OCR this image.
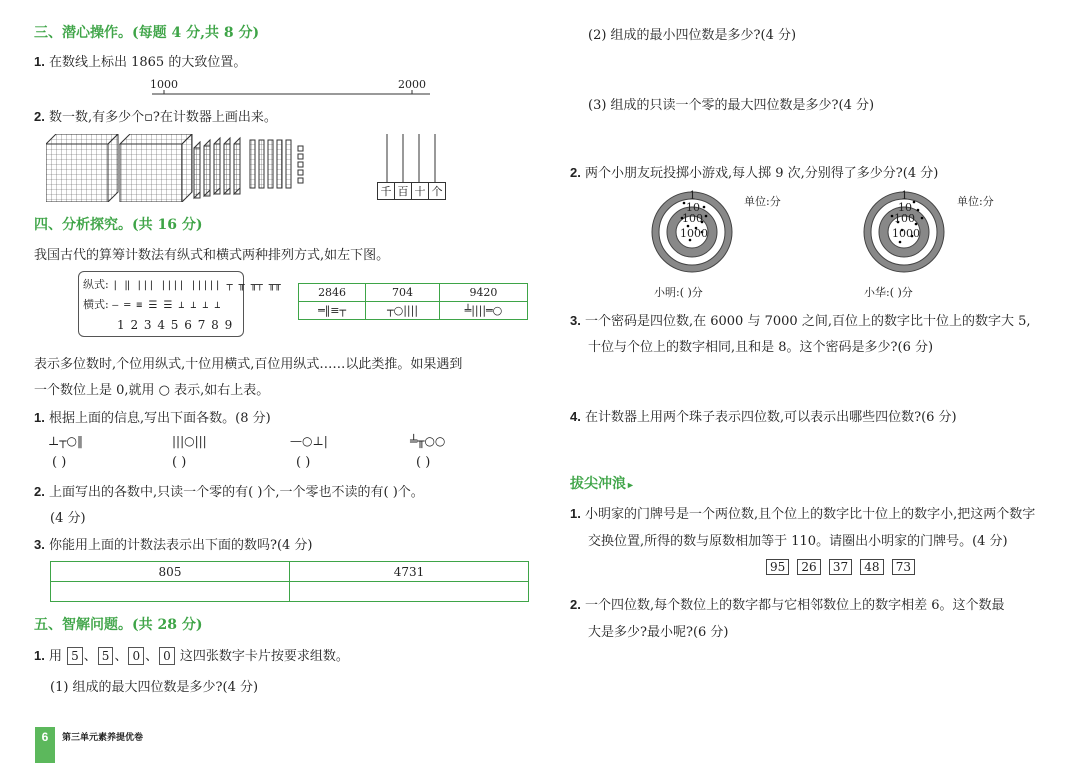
三、潜心操作。(每题 4 分,共 8 分)
1. 在数线上标出 1865 的大致位置。
1000	2000
2. 数一数,有多少个▫?在计数器上画出来。
千 百 十 个
四、分析探究。(共 16 分)
我国古代的算筹计数法有纵式和横式两种排列方式,如左下图。
纵式: | ‖ ||| |||| ||||| ┬ ╥ ╥┬ ╥╥
横式: — ═ ≡ ☰ ☰ ⊥ ⊥ ⊥ ⊥
1 2 3 4 5 6 7 8 9
2846	704	9420
═‖≡┬	┬○||||	╧||||═○
表示多位数时,个位用纵式,十位用横式,百位用纵式……以此类推。如果遇到
一个数位上是 0,就用 ○ 表示,如右上表。
1. 根据上面的信息,写出下面各数。(8 分)
⊥┬○‖	|||○|||	—○⊥|	╧╥○○
( )	( )	( )	( )
2. 上面写出的各数中,只读一个零的有( )个,一个零也不读的有( )个。
(4 分)
3. 你能用上面的计数法表示出下面的数吗?(4 分)
805	4731

五、智解问题。(共 28 分)
1. 用 5 、 5 、 0 、 0 这四张数字卡片按要求组数。
(1) 组成的最大四位数是多少?(4 分)
6	第三单元素养提优卷
(2) 组成的最小四位数是多少?(4 分)
(3) 组成的只读一个零的最大四位数是多少?(4 分)
2. 两个小朋友玩投掷小游戏,每人掷 9 次,分别得了多少分?(4 分)
1
10
100
1000
单位:分
小明:( )分
1
10
100
1000
单位:分
小华:( )分
3. 一个密码是四位数,在 6000 与 7000 之间,百位上的数字比十位上的数字大 5,
十位与个位上的数字相同,且和是 8。这个密码是多少?(6 分)
4. 在计数器上用两个珠子表示四位数,可以表示出哪些四位数?(6 分)
拔尖冲浪►
1. 小明家的门牌号是一个两位数,且个位上的数字比十位上的数字小,把这两个数字
交换位置,所得的数与原数相加等于 110。请圈出小明家的门牌号。(4 分)
95 26 37 48 73
2. 一个四位数,每个数位上的数字都与它相邻数位上的数字相差 6。这个数最
大是多少?最小呢?(6 分)
